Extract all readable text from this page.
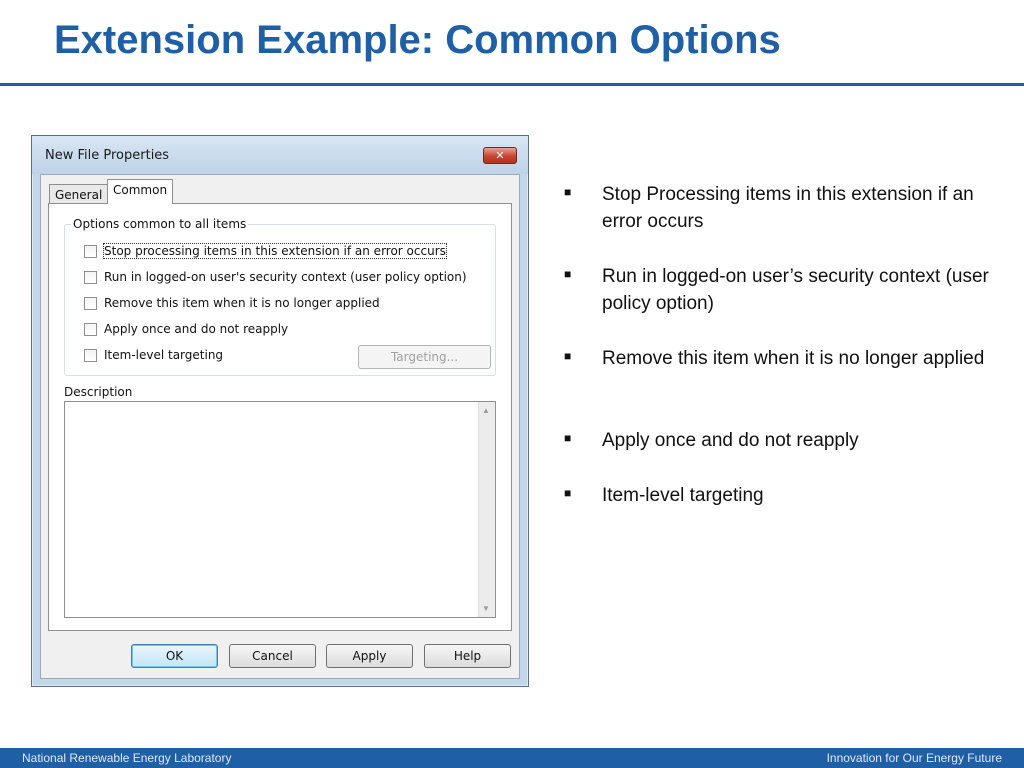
Extension Example: Common Options
New File Properties	✕
General Common
Options common to all items
Stop processing items in this extension if an error occurs
Run in logged-on user's security context (user policy option)
Remove this item when it is no longer applied
Apply once and do not reapply
Item-level targeting	Targeting...
Description
▲
▼
OK	Cancel	Apply	Help
■	Stop Processing items in this extension if an error occurs
■	Run in logged-on user’s security context (user policy option)
■	Remove this item when it is no longer applied
■	Apply once and do not reapply
■	Item-level targeting
National Renewable Energy Laboratory	Innovation for Our Energy Future
